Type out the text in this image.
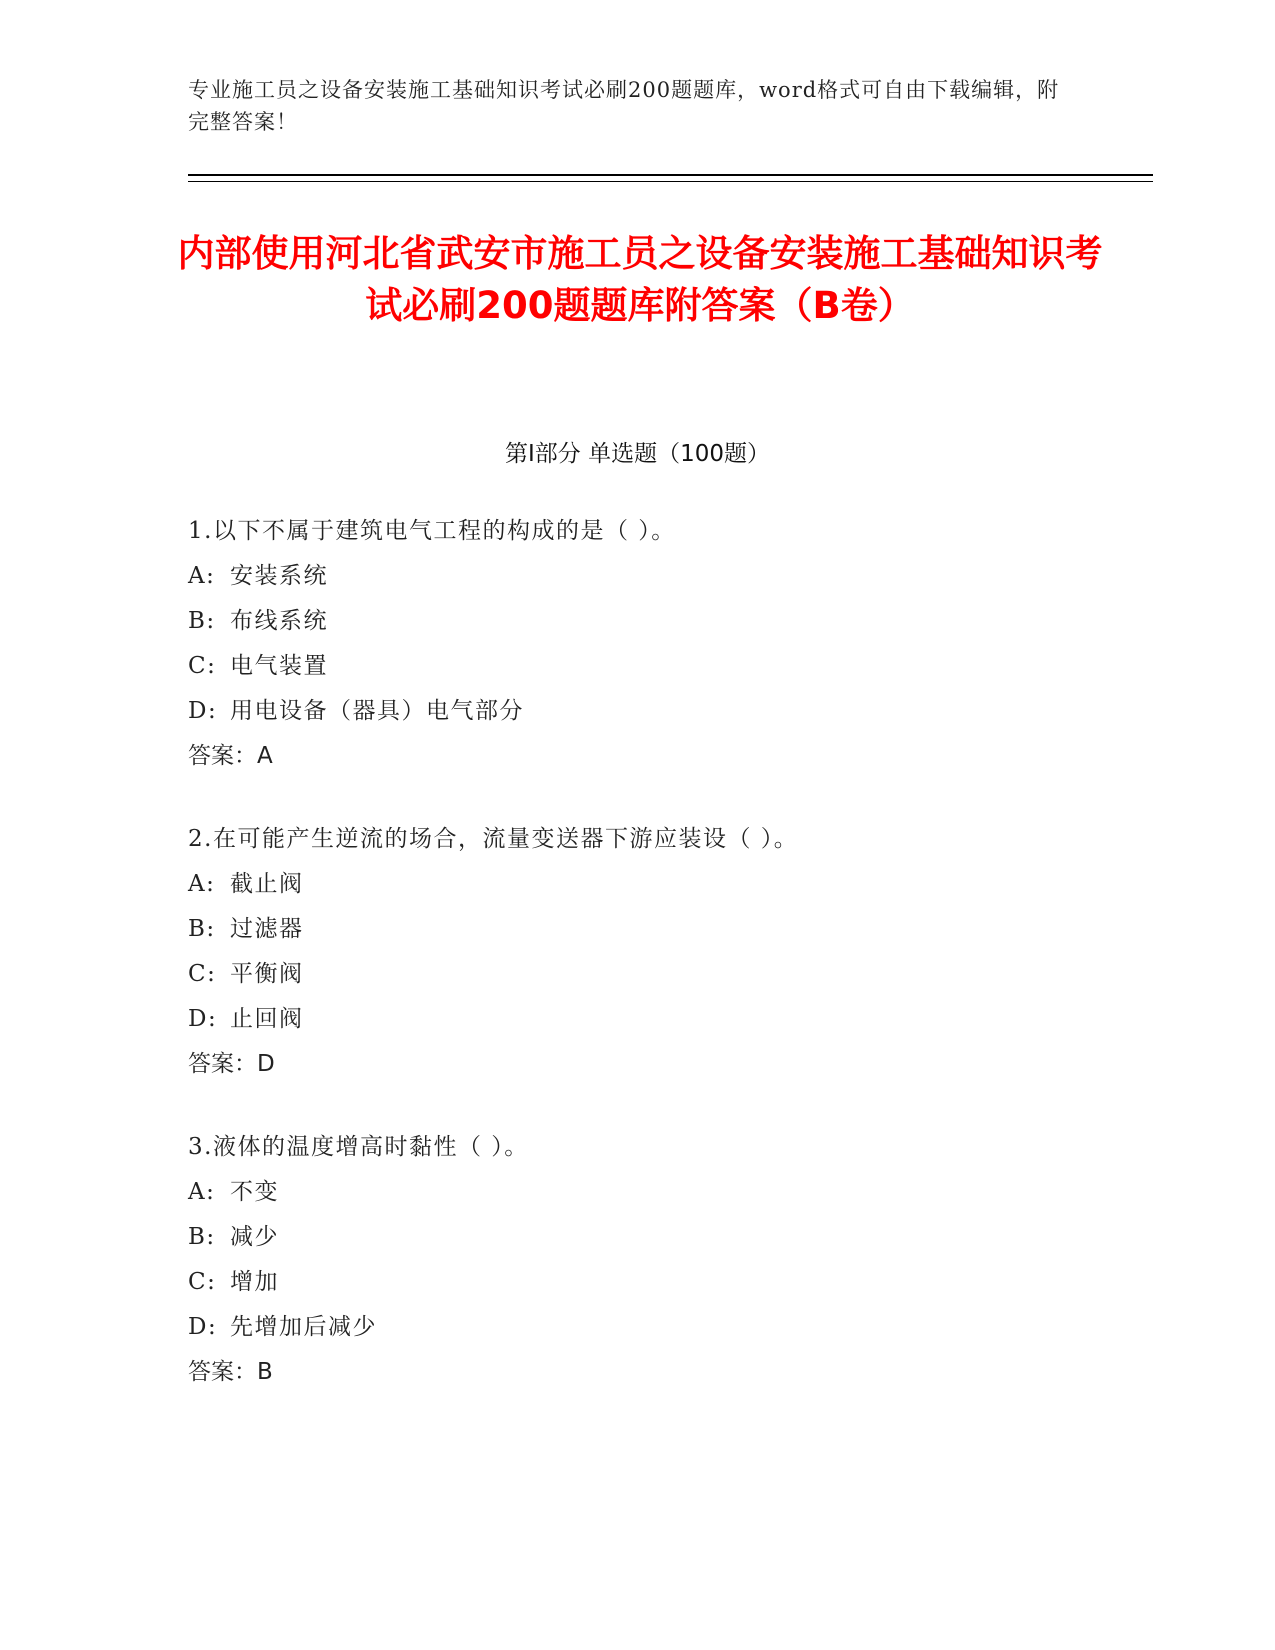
专业施工员之设备安装施工基础知识考试必刷200题题库，word格式可自由下载编辑，附完整答案！
内部使用河北省武安市施工员之设备安装施工基础知识考试必刷200题题库附答案（B卷）
第I部分 单选题（100题）
1.以下不属于建筑电气工程的构成的是（ ）。
A: 安装系统
B: 布线系统
C: 电气装置
D: 用电设备（器具）电气部分
答案：A
2.在可能产生逆流的场合，流量变送器下游应装设（ ）。
A: 截止阀
B: 过滤器
C: 平衡阀
D: 止回阀
答案：D
3.液体的温度增高时黏性（ ）。
A: 不变
B: 减少
C: 增加
D: 先增加后减少
答案：B
